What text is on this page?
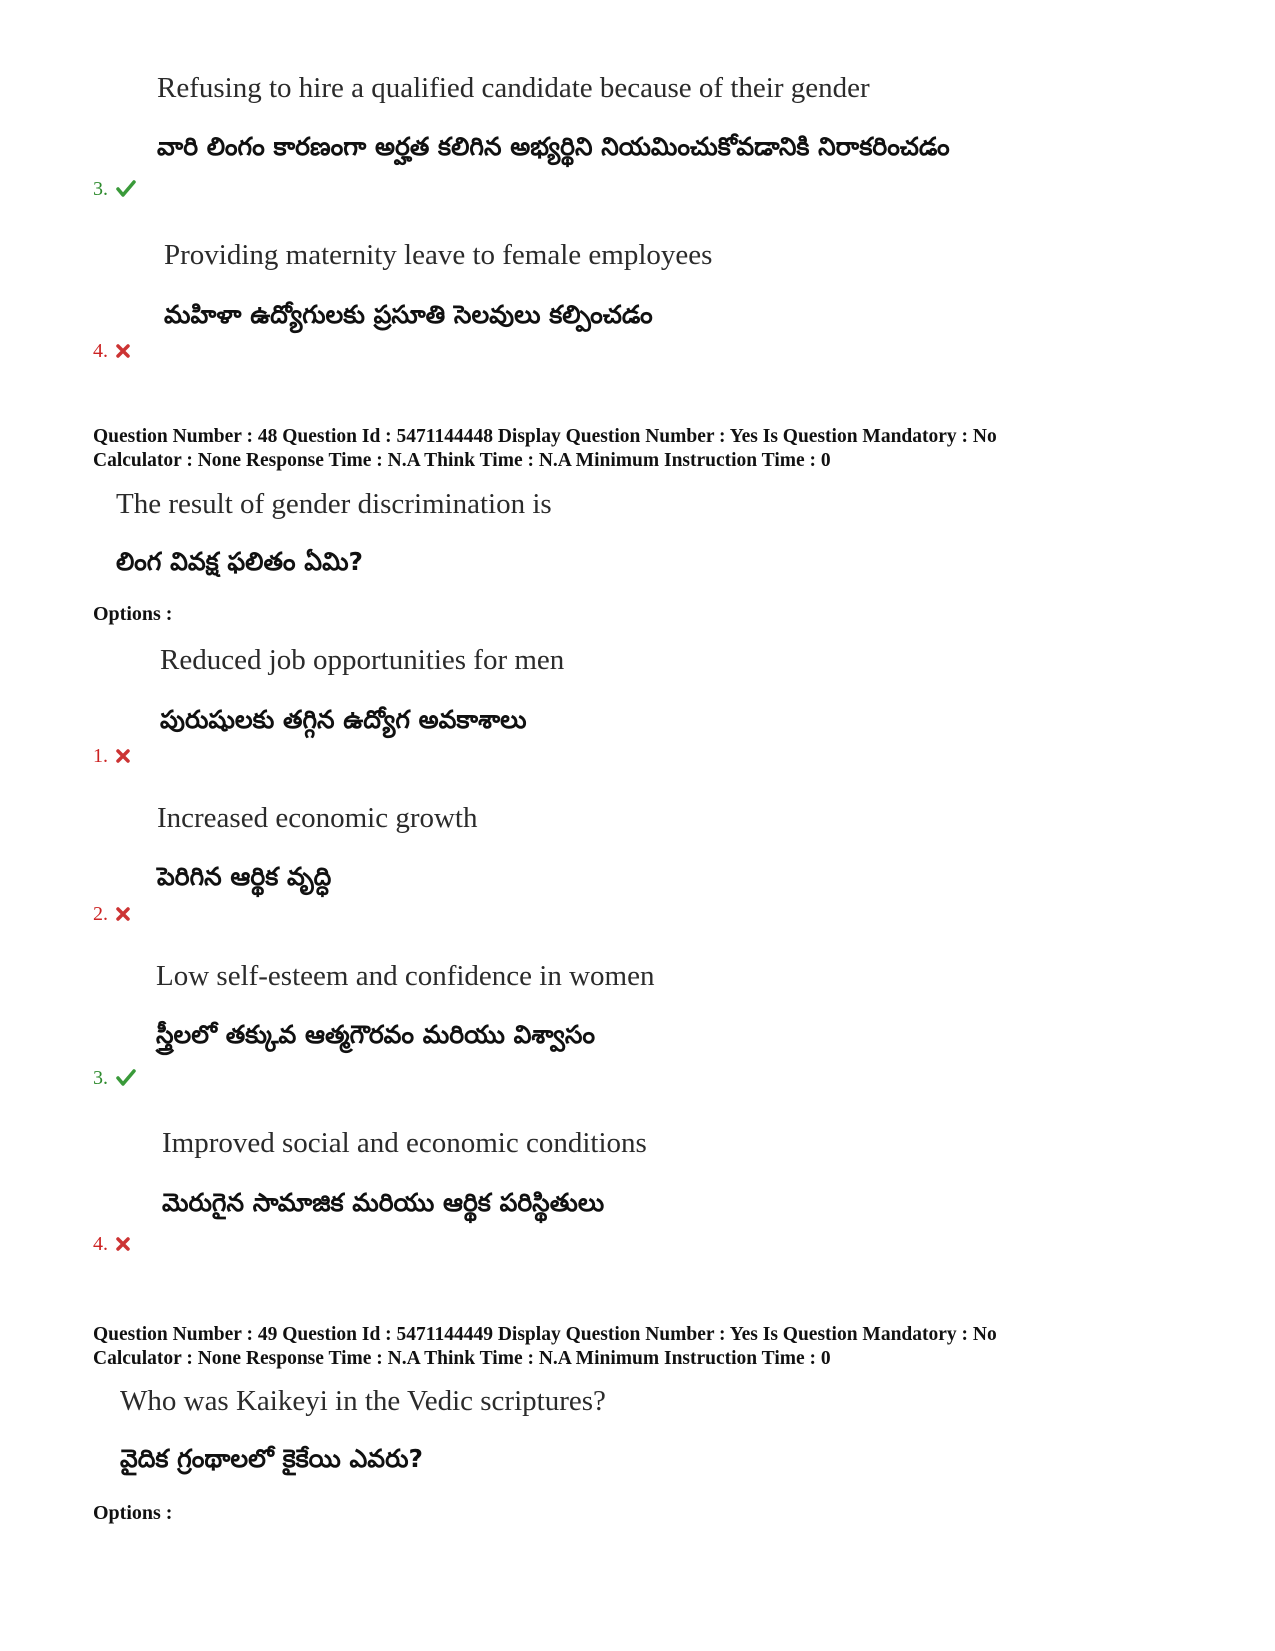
Refusing to hire a qualified candidate because of their gender
వారి లింగం కారణంగా అర్హత కలిగిన అభ్యర్థిని నియమించుకోవడానికి నిరాకరించడం
3.
Providing maternity leave to female employees
మహిళా ఉద్యోగులకు ప్రసూతి సెలవులు కల్పించడం
4.
Question Number : 48 Question Id : 5471144448 Display Question Number : Yes Is Question Mandatory : No
Calculator : None Response Time : N.A Think Time : N.A Minimum Instruction Time : 0
The result of gender discrimination is
లింగ వివక్ష ఫలితం ఏమి?
Options :
Reduced job opportunities for men
పురుషులకు తగ్గిన ఉద్యోగ అవకాశాలు
1.
Increased economic growth
పెరిగిన ఆర్థిక వృద్ధి
2.
Low self-esteem and confidence in women
స్త్రీలలో తక్కువ ఆత్మగౌరవం మరియు విశ్వాసం
3.
Improved social and economic conditions
మెరుగైన సామాజిక మరియు ఆర్థిక పరిస్థితులు
4.
Question Number : 49 Question Id : 5471144449 Display Question Number : Yes Is Question Mandatory : No
Calculator : None Response Time : N.A Think Time : N.A Minimum Instruction Time : 0
Who was Kaikeyi in the Vedic scriptures?
వైదిక గ్రంథాలలో కైకేయి ఎవరు?
Options :
